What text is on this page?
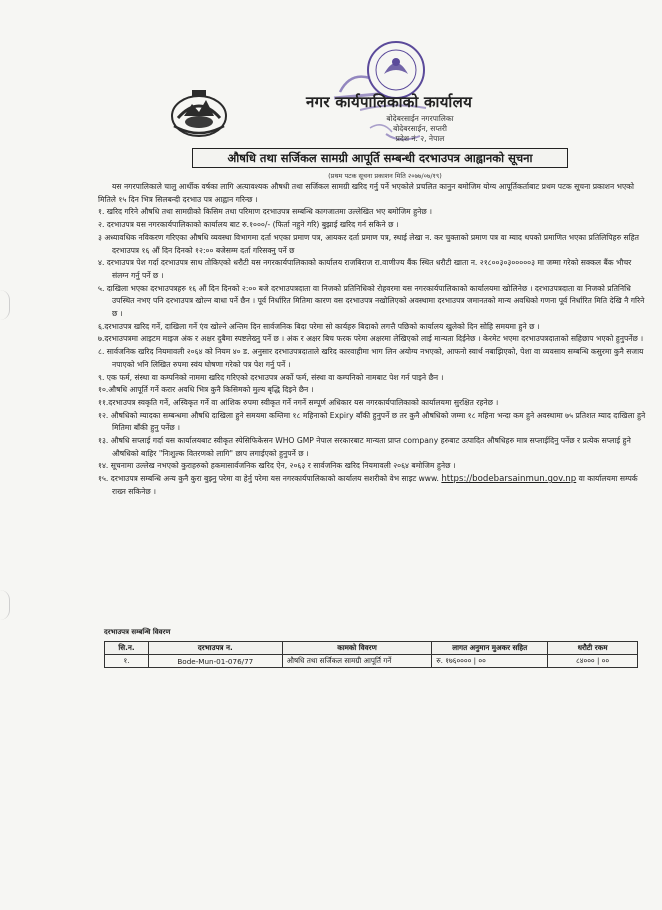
नगर कार्यपालिकाको कार्यालय
बोदेबरसाईन नगरपालिका
बोदेबरसाईन, सप्तरी
प्रदेश नं. २, नेपाल
औषधि तथा सर्जिकल सामग्री आपूर्ति सम्बन्धी दरभाउपत्र आह्वानको सूचना
(प्रथम पटक सूचना प्रकाशन मिति २०७७/०७/१९)

यस नगरपालिकाले चालु आर्थीक वर्षका लागि अत्यावश्यक औषधी तथा सर्जिकल सामग्री खरिद गर्नु पर्ने भएकोले प्रचलित कानुन बमोजिम योग्य आपूर्तिकर्ताबाट प्रथम पटक सूचना प्रकाशन भएको मितिले १५ दिन भित्र सिलबन्दी दरभाउ पत्र आह्वान गरिन्छ ।

१. खरिद गरिने औषधि तथा सामग्रीको किसिम तथा परिमाण दरभाउपत्र सम्बन्धि कागजातमा उल्लेखित भए बमोजिम हुनेछ ।

२. दरभाउपत्र यस नगरकार्यपालिकाको कार्यालय बाट रु.१०००/- (फिर्ता नहुने गरि) बुझाई खरिद गर्न सकिने छ ।

३ अध्यावधिक नविकरण गरिएका औषधि व्यवस्था विभागमा दर्ता भएका प्रमाण पत्र, आयकर दर्ता प्रमाण पत्र, स्थाई लेखा न. कर चुक्ताको प्रमाण पत्र वा म्याद थपको प्रमाणित भएका प्रतिलिपिहरु सहित दरभाउपत्र १६ औं दिन दिनको १२:०० बजेसम्म दर्ता गरिसक्नु पर्ने छ

४. दरभाउपत्र पेश गर्दा दरभाउपत्र साथ तोकिएको धरौटी यस नगरकार्यपालिकाको कार्यालय राजबिराज रा.वाणीज्य बैंक स्थित धरौटी खाता न. २१८००३०३०००००३ मा जम्मा गरेको सक्कल बैंक भौचर संलग्न गर्नु पर्ने छ ।

५. दाखिला भएका दरभाउपत्रहरु १६ औं दिन दिनको २:०० बजे दरभाउपत्रदाता वा निजको प्रतिनिधिको रोहवरमा यस नगरकार्यपालिकाको कार्यालयमा खोलिनेछ । दरभाउपत्रदाता वा निजको प्रतिनिधि उपस्थित नभए पनि दरभाउपत्र खोल्न बाधा पर्ने छैन । पूर्व निर्धारित मितिमा कारण वस दरभाउपत्र नखोलिएको अवस्थामा दरभाउपत्र जमानतको मान्य अवधिको गणना पूर्व निर्धारित मिति देखि नै गरिने छ ।

६.दरभाउपत्र खरिद गर्ने, दाखिला गर्ने एंव खोल्ने अन्तिम दिन सार्वजनिक बिदा परेमा सो कार्यहरु बिदाको लगत्तै पछिको कार्यालय खुलेको दिन सोहि समयमा हुने छ ।

७.दरभाउपत्रमा आइटम माइज अंक र अक्षर दुबैमा स्पष्टलेख्नु पर्ने छ । अंक र अक्षर बिच फरक परेमा अक्षरमा लेखिएको लाई मान्यता दिईनेछ । केरमेट भएमा दरभाउपत्रदाताको सहिछाप भएको हुनुपर्नेछ ।

८. सार्वजनिक खरिद नियमावली २०६४ को नियम ४० ड. अनुसार दरभाउपत्रदाताले खरिद कारवाहीमा भाग लिन अयोग्य नभएको, आफनो स्वार्थ नबाझिएको, पेशा वा व्यवसाय सम्बन्धि कसुरमा कुनै सजाय नपाएको भनि लिखित रुपमा स्वंय घोषणा गरेको पत्र पेश गर्नु पर्ने ।

९. एक फर्म, संस्था वा कम्पनिको नाममा खरिद गरिएको दरभाउपत्र अर्को फर्म, संस्था वा कम्पनिको नामबाट पेश गर्न पाइने छैन ।

१०.औषधि आपूर्ति गर्ने करार अवधि भित्र कुनै किसिमको मुल्य बृद्धि दिइने छैन ।

११.दरभाउपत्र स्वकृति गर्ने, अस्विकृत गर्ने वा आंशिक रुपमा स्वीकृत गर्ने नगर्ने सम्पूर्ण अधिकार यस नगरकार्यपालिकाको कार्यालयमा सुरक्षित रहनेछ ।

१२. औषधिको म्यादका सम्बन्धमा औषधि दाखिला हुने समयमा कम्तिमा १८ महिनाको Expiry बाँकी हुनुपर्ने छ तर कुनै औषधिको जम्मा १८ महिना भन्दा कम हुने अवस्थामा ७५ प्रतिशत म्याद दाखिला हुने मितिमा बाँकी हुनु पर्नेछ ।

१३. औषधि सप्लाई गर्दा यस कार्यालयबाट स्वीकृत स्पेसिफिकेसन WHO GMP नेपाल सरकारबाट मान्यता प्राप्त company हरुबाट उत्पादित औषधिहरु मात्र सप्लाईदिनु पर्नेछ र प्रत्येक सप्लाई हुने औषधिको बाहिर "निःशुल्क वितरणको लागि" छाप लगाईएको हुनुपर्ने छ ।

१४. सूचनामा उल्लेख नभएको कुराहरुको हकमासार्वजनिक खरिद ऐन, २०६३ र सार्वजनिक खरिद नियमावली २०६४ बमोजिम हुनेछ ।

१५. दरभाउपत्र सम्बन्धि अन्य कुनै कुरा बुझ्नु परेमा वा हेर्नु परेमा यस नगरकार्यपालिकाको कार्यालय सशरीको वेभ साइट www. https://bodebarsainmun.gov.np वा कार्यालयमा सम्पर्क राख्न सकिनेछ ।

दरभाउपत्र सम्बन्धि विवरण
सि.न.	दरभाउपत्र न.	कामको विवरण	लागत अनुमान मुअकर सहित	धरौटी रकम
१.	Bode-Mun-01-076/77	औषधि तथा सर्जिकल सामग्री आपूर्ति गर्ने	रु. १७६०००० | ००	८४००० | ००
